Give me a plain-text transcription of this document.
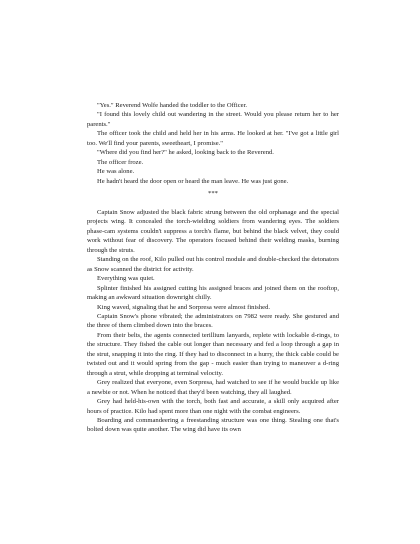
"Yes." Reverend Wolfe handed the toddler to the Officer.

"I found this lovely child out wandering in the street. Would you please return her to her parents."

The officer took the child and held her in his arms. He looked at her. "I've got a little girl too. We'll find your parents, sweetheart, I promise."

"Where did you find her?" he asked, looking back to the Reverend.

The officer froze.

He was alone.

He hadn't heard the door open or heard the man leave. He was just gone.

***

Captain Snow adjusted the black fabric strung between the old orphanage and the special projects wing. It concealed the torch-wielding soldiers from wandering eyes. The soldiers phase-cam systems couldn't suppress a torch's flame, but behind the black velvet, they could work without fear of discovery. The operators focused behind their welding masks, burning through the struts.

Standing on the roof, Kilo pulled out his control module and double-checked the detonators as Snow scanned the district for activity.

Everything was quiet.

Splinter finished his assigned cutting his assigned braces and joined them on the rooftop, making an awkward situation downright chilly.

King waved, signaling that he and Sorpresa were almost finished.

Captain Snow's phone vibrated; the administrators on 7982 were ready. She gestured and the three of them climbed down into the braces.

From their belts, the agents connected terillium lanyards, replete with lockable d-rings, to the structure. They fished the cable out longer than necessary and fed a loop through a gap in the strut, snapping it into the ring. If they had to disconnect in a hurry, the thick cable could be twisted out and it would spring from the gap - much easier than trying to maneuver a d-ring through a strut, while dropping at terminal velocity.

Grey realized that everyone, even Sorpresa, had watched to see if he would buckle up like a newbie or not. When he noticed that they'd been watching, they all laughed.

Grey had held-his-own with the torch, both fast and accurate, a skill only acquired after hours of practice. Kilo had spent more than one night with the combat engineers.

Boarding and commandeering a freestanding structure was one thing. Stealing one that's bolted down was quite another. The wing did have its own
